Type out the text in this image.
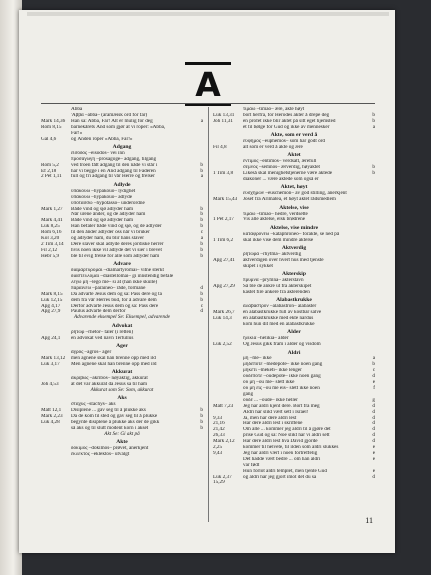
A
Abba
'Αββα –abba– (aramæisk ord for far)
Mark 14,36	Han sa: Abba, Far! Alt er mulig for deg	a
Rom 8,15	barnekårets Ånd som gjør at vi roper: «Abba,
Far!»
Gal 4,6	og Ånden roper «Abba, Far!»
Adgang
εἴσοδος –eisodos– vei inn
προσαγωγή –prosagōgē– adgang, tilgang
Rom 5,2	ved troen fått adgang til den nåde vi står i	b
Ef 2,18	har vi begge i én Ånd adgang til Faderen	b
2 Pet 1,11	full og fri adgang til vår Herre og frelser	a
Adlyde
ὑπακούω –hypakouō– lydighet
ὑπακούω –hypakouō– adlyde
ὑποτάσσω –hypotassō– underordne
Mark 1,27	Både vind og sjø adlyder ham	b
Når urene ånder, og de adlyder ham	b
Mark 4,41	Både vind og sjø adlyder ham	b
Luk 8,25	Han befaler både vind og sjø, og de adlyder	b
Rom 6,16	til den ånder adlyder oss når vi bruker	c
Kol 3,20	og adlyder ham, du blir hans slaver	a
2 Tim 3,14	Dere slaver skal adlyde deres jordiske herrer	b
Fil 2,12	hvis noen ikke vil adlyde det vi sier i brevet	b
Hebr 5,9	ble til evig frelse for alle som adlyder ham	b
Advare
διαμαρτύρομαι –diamartyromai– vitne sterkt
διαστέλλομαι –diastellomai– gi innstendig befale
λέγω μή –legō mē– si at (han ikke skulle)
παραινέω –paraineō– råde, formane	d
Mark 8,15	Da advarte Jesus dem og sa: Pass dere og ta	b
Luk 12,15	dem fra vår Herres bud, for å advare dem	b
Apg 4,17	Derfor advarte Jesus dem og sa: Pass dere	c
Apg 27,9	Paulus advarte dem derfor	d
Advarende eksempel Se: Eksempel, advarende
Advokat
ῥήτωρ –rhētōr– taler (i retten)
Apg 24,1	en advokat ved navn Tertullus
Ager
ἀγρός –agros– ager
Mark 13,12	men agnene skal han brenne opp med ild
Luk 3,17	Men agnene skal han brenne opp med ild
Akkurat
ἀκριβῶς –akribōs– nøyaktig, akkurat
Joh 4,53	at det var akkurat da Jesus sa til ham
Akkurat som Se: Som, akkurat
Aks
στάχυς –stachys– aks
Matt 12,1	Disiplene ... gav seg til å plukke aks	b
Mark 2,23	Da de kom til sted og gav seg til å plukke	b
Luk 4,28	begynte disiplene å plukke aks der de gikk	b
så aks og til slutt modent korn i akset	b
Akt Se: Gi akt på
Akte
δόκιμος –dokimos– prøvet, anerkjent
ἐκλεκτός –eklektos– utvalgt
τιμάω –timaō– ære, akte høyt
Luk 13,31	bort herfra, for Herodes akter å drepe deg	b
Joh 11,31	en profet ikke blir aktet på sitt eget hjemsted	b
et til bølge for Gud og ikke av mennesker	a
Akte, som er verd å
εὔφημος –euphēmos– som har godt ord
Fil 4,8	alt som er verd å akte og ære
Aktet
ἐντιμος –entimos– verdsatt, ærefull
σεμνός –semnos– ærverdig, høyaktet	b
1 Tim 3,8	Likeså skal menighetstjenerne være aktede	b
diakoner ... være aktede som også er
Aktet, høyt
εὐσχήμων –euschēmōn– av god stilling, anerkjent
Mark 15,43	Josef fra Arimatea, et høyt aktet rådsmedlem
Aktelse, vise
τιμάω –timaō– hedre, verdsette
1 Pet 2,17	Vis alle aktelse, elsk brødrene
Aktelse, vise mindre
καταφρονέω –kataphroneō– forakte, se ned på
1 Tim 6,2	skal ikke vise dem mindre aktelse
Aktverdig
ῥήτωρα –rhytma– aktverdig
Apg 27,41	aktverdigen over hvert hus med tjenste
skipet i sykket
Akterskip
πρύμνα –prymna– akterstavn
Apg 27,29	Så ble de ankre ut fra akterskipet
kastet fire ankere fra akterenden
Alabastkrukke
ἀλάβαστρον –alabastron– alabaster
Mark 26,7	en alabastkrukke full av kostbar salve
Luk 14,3	en alabastkrukke med ekte nardus
kom hun dit med en alabastkrukke
Alder
ἡλικία –hēlikia– alder
Luk 2,52	Og Jesus gikk fram i alder og visdom
Aldri
μή –mē– ikke	a
μηδέποτε –mēdepote– ikke noen gang	b
μηκέτι –mēketi– ikke lenger	c
οὐδέποτε –oudepote– ikke noen gang	d
οὐ μή –ou mē– slett ikke	e
οὐ μή εἰς –ou mē eis– slett ikke noen	f
gang
οὐδὲ ... –oude– ikke heller	g
Matt 7,23	Jeg har aldri kjent dere. Bort fra meg	d
Aldri har slikt vært sett i Israel!	d
9,33	Ja, men har dere aldri lest	d
21,16	Har dere aldri lest i skriftene	d
21,42	Om alle ... kommer jeg aldri til å gjøre det	d
26,33	prise Gud og sa: Noe slikt har vi aldri sett	d
Mark 2,12	Har dere aldri lest hva David gjorde	d
2,25	kommer til helvete, til ilden som aldri slukkes	e
9,43	Jeg har aldri vært i noen fortreffelig	e
Det hadde vært bedre ... om han aldri	e
var født
Hun forlot aldri templet, men tjente Gud	e
Luk 2,37	og aldri har jeg gjort imot det du sa	d
15,29
11
